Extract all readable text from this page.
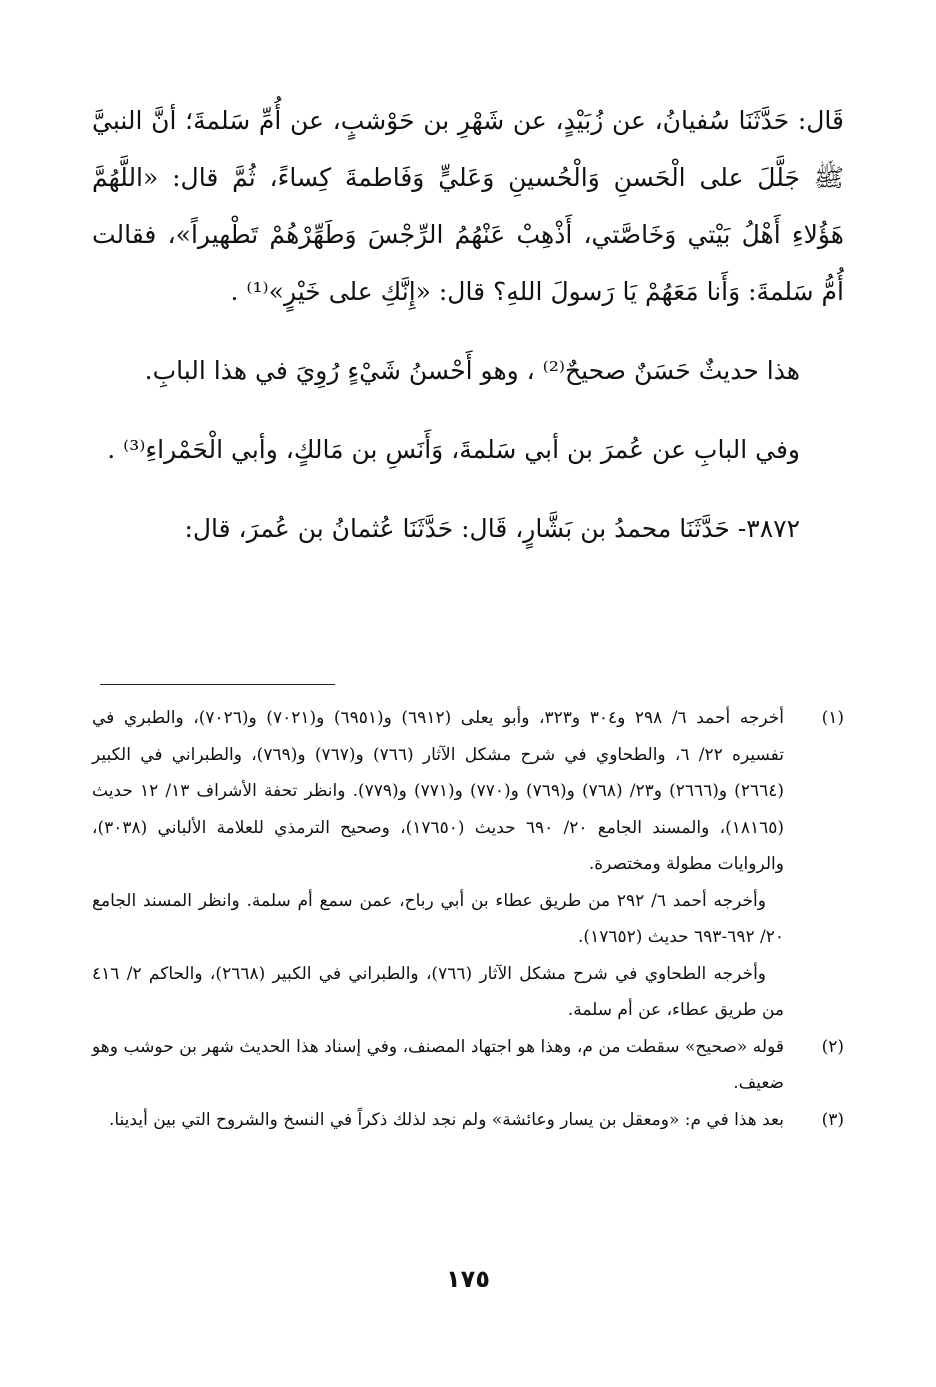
قَال: حَدَّثَنَا سُفيانُ، عن زُبَيْدٍ، عن شَهْرِ بن حَوْشبٍ، عن أُمِّ سَلمةَ؛ أنَّ النبيَّ ﷺ جَلَّلَ على الْحَسنِ وَالْحُسينِ وَعَليٍّ وَفَاطمةَ كِساءً، ثُمَّ قال: «اللَّهُمَّ هَؤُلاءِ أَهْلُ بَيْتي وَخَاصَّتي، أَذْهِبْ عَنْهُمُ الرِّجْسَ وَطَهِّرْهُمْ تَطْهيراً»، فقالت أُمُّ سَلمةَ: وَأَنا مَعَهُمْ يَا رَسولَ اللهِ؟ قال: «إِنَّكِ على خَيْرٍ»⁽¹⁾ .

هذا حديثٌ حَسَنٌ صحيحٌ⁽²⁾ ، وهو أَحْسنُ شَيْءٍ رُوِيَ في هذا البابِ.

وفي البابِ عن عُمرَ بن أبي سَلمةَ، وَأَنَسِ بن مَالكٍ، وأبي الْحَمْراءِ⁽³⁾ .

٣٨٧٢- حَدَّثَنَا محمدُ بن بَشَّارٍ، قَال: حَدَّثَنَا عُثمانُ بن عُمرَ، قال:

(١)
أخرجه أحمد ٦/ ٢٩٨ و٣٠٤ و٣٢٣، وأبو يعلى (٦٩١٢) و(٦٩٥١) و(٧٠٢١) و(٧٠٢٦)، والطبري في تفسيره ٢٢/ ٦، والطحاوي في شرح مشكل الآثار (٧٦٦) و(٧٦٧) و(٧٦٩)، والطبراني في الكبير (٢٦٦٤) و(٢٦٦٦) و٢٣/ (٧٦٨) و(٧٦٩) و(٧٧٠) و(٧٧١) و(٧٧٩). وانظر تحفة الأشراف ١٣/ ١٢ حديث (١٨١٦٥)، والمسند الجامع ٢٠/ ٦٩٠ حديث (١٧٦٥٠)، وصحيح الترمذي للعلامة الألباني (٣٠٣٨)، والروايات مطولة ومختصرة.
وأخرجه أحمد ٦/ ٢٩٢ من طريق عطاء بن أبي رباح، عمن سمع أم سلمة. وانظر المسند الجامع ٢٠/ ٦٩٢-٦٩٣ حديث (١٧٦٥٢).
وأخرجه الطحاوي في شرح مشكل الآثار (٧٦٦)، والطبراني في الكبير (٢٦٦٨)، والحاكم ٢/ ٤١٦ من طريق عطاء، عن أم سلمة.
(٢)
قوله «صحيح» سقطت من م، وهذا هو اجتهاد المصنف، وفي إسناد هذا الحديث شهر بن حوشب وهو ضعيف.
(٣)
بعد هذا في م: «ومعقل بن يسار وعائشة» ولم نجد لذلك ذكراً في النسخ والشروح التي بين أيدينا.
١٧٥
